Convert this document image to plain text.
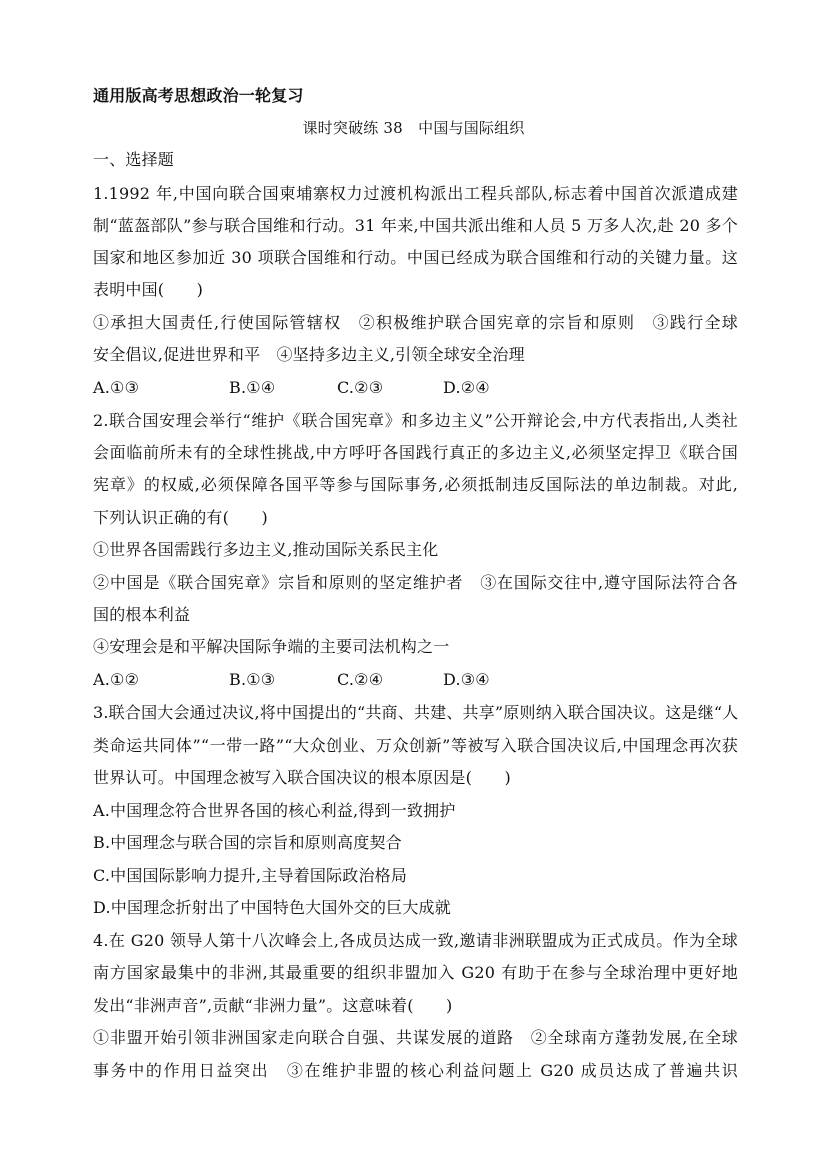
通用版高考思想政治一轮复习
课时突破练 38　中国与国际组织
一、选择题
1.1992 年,中国向联合国柬埔寨权力过渡机构派出工程兵部队,标志着中国首次派遣成建
制“蓝盔部队”参与联合国维和行动。31 年来,中国共派出维和人员 5 万多人次,赴 20 多个
国家和地区参加近 30 项联合国维和行动。中国已经成为联合国维和行动的关键力量。这
表明中国(　　)
①承担大国责任,行使国际管辖权　②积极维护联合国宪章的宗旨和原则　③践行全球
安全倡议,促进世界和平　④坚持多边主义,引领全球安全治理
A.①③	B.①④	C.②③	D.②④
2.联合国安理会举行“维护《联合国宪章》和多边主义”公开辩论会,中方代表指出,人类社
会面临前所未有的全球性挑战,中方呼吁各国践行真正的多边主义,必须坚定捍卫《联合国
宪章》的权威,必须保障各国平等参与国际事务,必须抵制违反国际法的单边制裁。对此,
下列认识正确的有(　　)
①世界各国需践行多边主义,推动国际关系民主化
②中国是《联合国宪章》宗旨和原则的坚定维护者　③在国际交往中,遵守国际法符合各
国的根本利益
④安理会是和平解决国际争端的主要司法机构之一
A.①②	B.①③	C.②④	D.③④
3.联合国大会通过决议,将中国提出的“共商、共建、共享”原则纳入联合国决议。这是继“人
类命运共同体”“一带一路”“大众创业、万众创新”等被写入联合国决议后,中国理念再次获
世界认可。中国理念被写入联合国决议的根本原因是(　　)
A.中国理念符合世界各国的核心利益,得到一致拥护
B.中国理念与联合国的宗旨和原则高度契合
C.中国国际影响力提升,主导着国际政治格局
D.中国理念折射出了中国特色大国外交的巨大成就
4.在 G20 领导人第十八次峰会上,各成员达成一致,邀请非洲联盟成为正式成员。作为全球
南方国家最集中的非洲,其最重要的组织非盟加入 G20 有助于在参与全球治理中更好地
发出“非洲声音”,贡献“非洲力量”。这意味着(　　)
①非盟开始引领非洲国家走向联合自强、共谋发展的道路　②全球南方蓬勃发展,在全球
事务中的作用日益突出　③在维护非盟的核心利益问题上 G20 成员达成了普遍共识
